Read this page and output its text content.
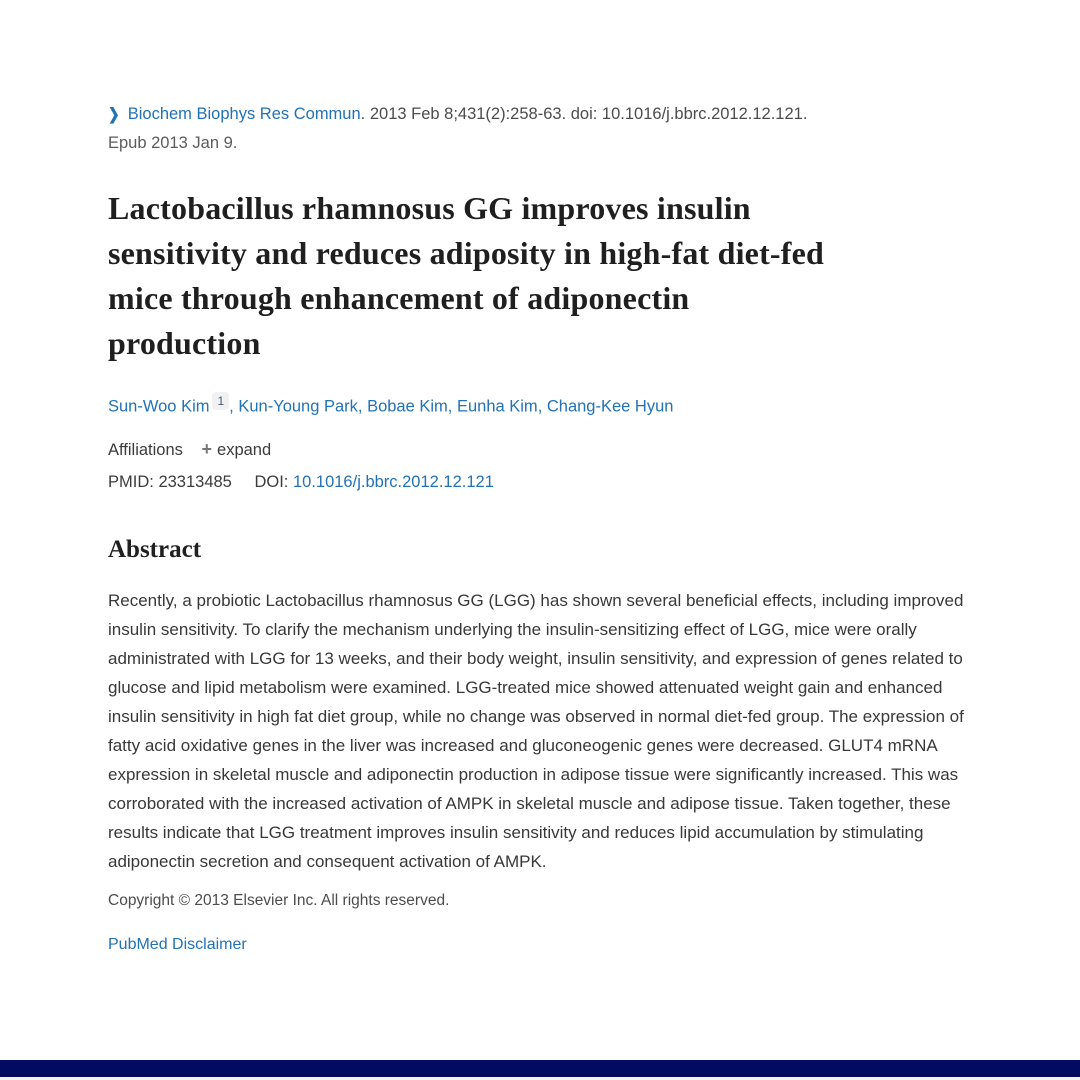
❯ Biochem Biophys Res Commun. 2013 Feb 8;431(2):258-63. doi: 10.1016/j.bbrc.2012.12.121.
Epub 2013 Jan 9.
Lactobacillus rhamnosus GG improves insulin
sensitivity and reduces adiposity in high-fat diet-fed
mice through enhancement of adiponectin
production
Sun-Woo Kim $^1$ , Kun-Young Park, Bobae Kim, Eunha Kim, Chang-Kee Hyun
Affiliations + expand
PMID: 23313485 DOI: 10.1016/j.bbrc.2012.12.121
Abstract

Recently, a probiotic Lactobacillus rhamnosus GG (LGG) has shown several beneficial effects, including improved insulin sensitivity. To clarify the mechanism underlying the insulin-sensitizing effect of LGG, mice were orally administrated with LGG for 13 weeks, and their body weight, insulin sensitivity, and expression of genes related to glucose and lipid metabolism were examined. LGG-treated mice showed attenuated weight gain and enhanced insulin sensitivity in high fat diet group, while no change was observed in normal diet-fed group. The expression of fatty acid oxidative genes in the liver was increased and gluconeogenic genes were decreased. GLUT4 mRNA expression in skeletal muscle and adiponectin production in adipose tissue were significantly increased. This was corroborated with the increased activation of AMPK in skeletal muscle and adipose tissue. Taken together, these results indicate that LGG treatment improves insulin sensitivity and reduces lipid accumulation by stimulating adiponectin secretion and consequent activation of AMPK.

Copyright © 2013 Elsevier Inc. All rights reserved.
PubMed Disclaimer
